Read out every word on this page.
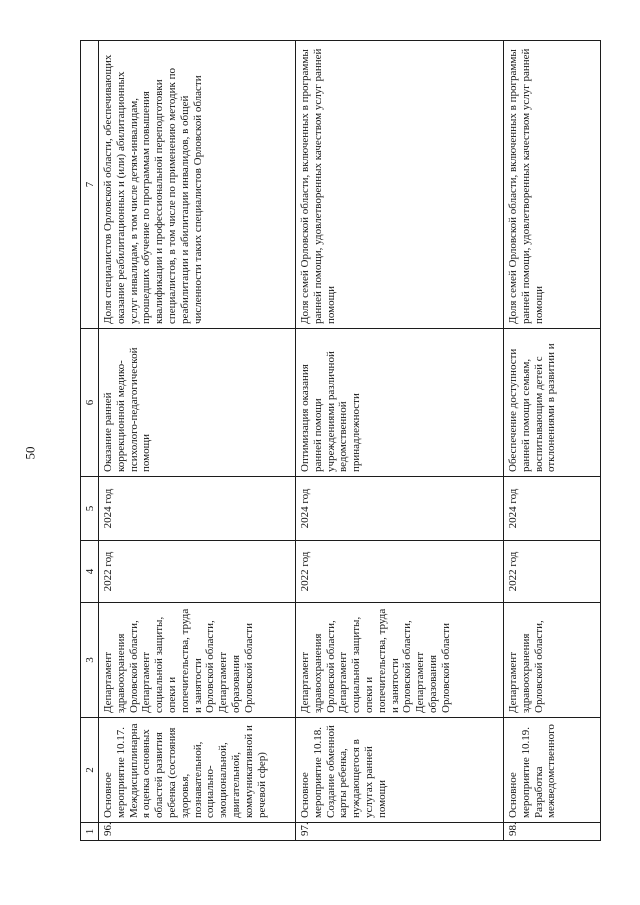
50
1	2	3	4	5	6	7
96.	Основное мероприятие 10.17. Междисциплинарная оценка основных областей развития ребенка (состояния здоровья, познавательной, социально-эмоциональной, двигательной, коммуникативной и речевой сфер)	Департамент здравоохранения Орловской области, Департамент социальной защиты, опеки и попечительства, труда и занятости Орловской области, Департамент образования Орловской области	2022 год	2024 год	Оказание ранней коррекционной медико-психолого-педагогической помощи	Доля специалистов Орловской области, обеспечивающих оказание реабилитационных и (или) абилитационных услуг инвалидам, в том числе детям-инвалидам, прошедших обучение по программам повышения квалификации и профессиональной переподготовки специалистов, в том числе по применению методик по реабилитации и абилитации инвалидов, в общей численности таких специалистов Орловской области

97.	Основное мероприятие 10.18. Создание обменной карты ребенка, нуждающегося в услугах ранней помощи	Департамент здравоохранения Орловской области, Департамент социальной защиты, опеки и попечительства, труда и занятости Орловской области, Департамент образования Орловской области	2022 год	2024 год	Оптимизация оказания ранней помощи учреждениями различной ведомственной принадлежности	Доля семей Орловской области, включенных в программы ранней помощи, удовлетворенных качеством услуг ранней помощи

98.	Основное мероприятие 10.19. Разработка межведомственного	Департамент здравоохранения Орловской области,	2022 год	2024 год	Обеспечение доступности ранней помощи семьям, воспитывающим детей с отклонениями в развитии и	Доля семей Орловской области, включенных в программы ранней помощи, удовлетворенных качеством услуг ранней помощи
